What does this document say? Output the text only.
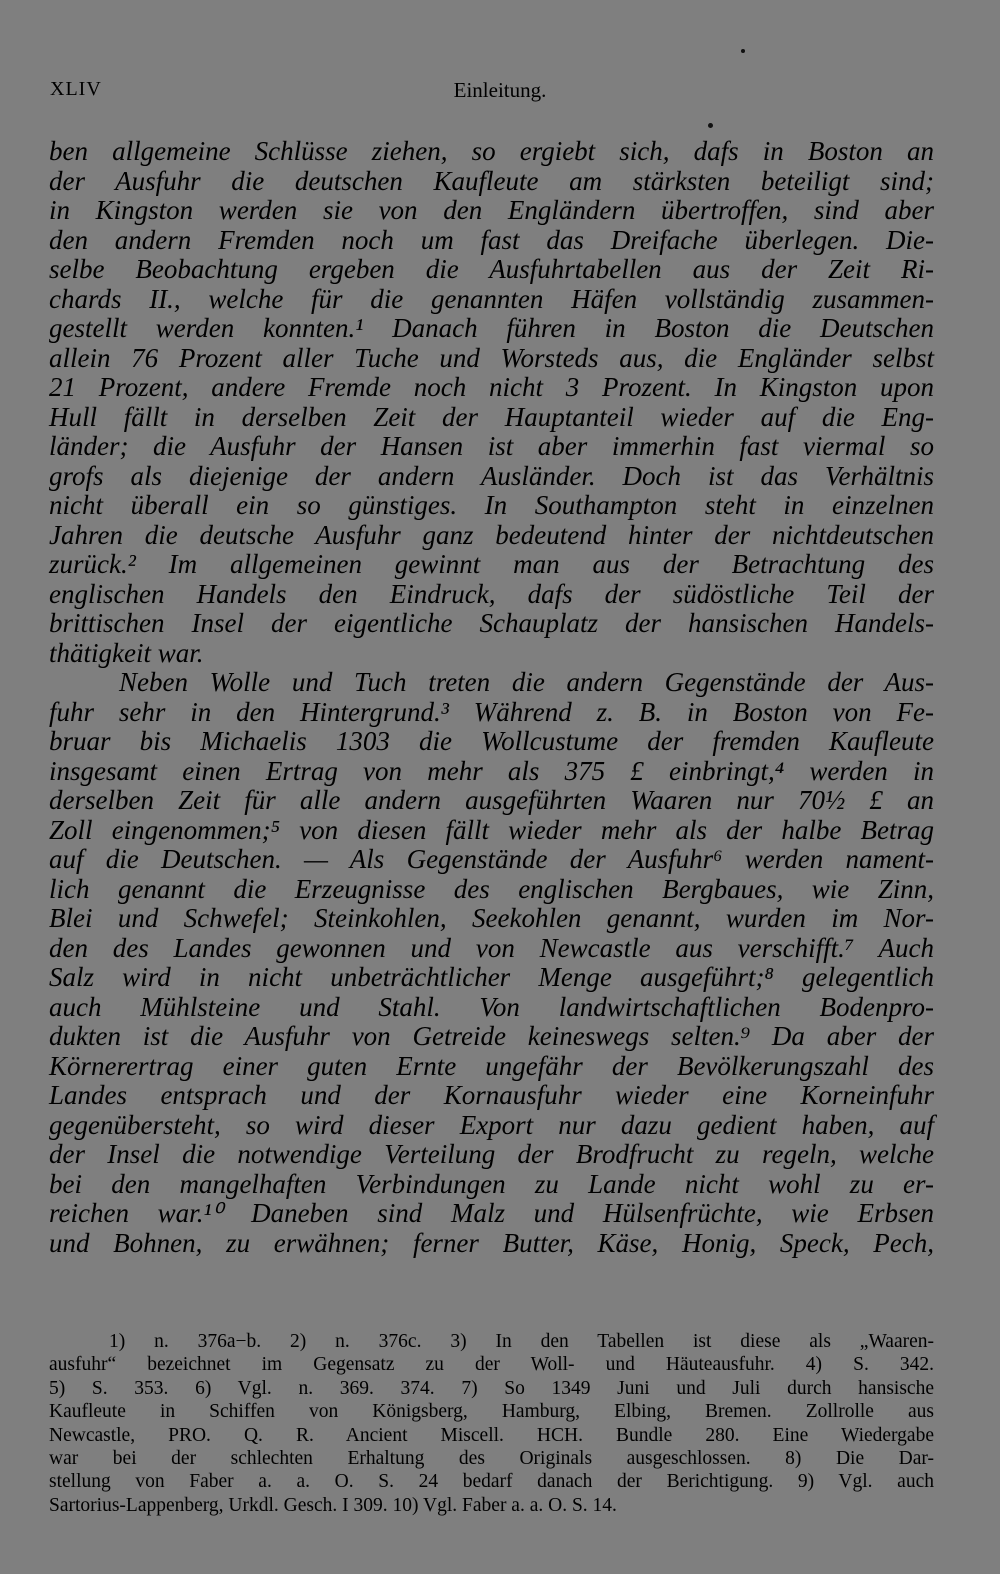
XLIV	Einleitung.
ben allgemeine Schlüsse ziehen, so ergiebt sich, dafs in Boston an
der Ausfuhr die deutschen Kaufleute am stärksten beteiligt sind;
in Kingston werden sie von den Engländern übertroffen, sind aber
den andern Fremden noch um fast das Dreifache überlegen. Die-
selbe Beobachtung ergeben die Ausfuhrtabellen aus der Zeit Ri-
chards II., welche für die genannten Häfen vollständig zusammen-
gestellt werden konnten.¹ Danach führen in Boston die Deutschen
allein 76 Prozent aller Tuche und Worsteds aus, die Engländer selbst
21 Prozent, andere Fremde noch nicht 3 Prozent. In Kingston upon
Hull fällt in derselben Zeit der Hauptanteil wieder auf die Eng-
länder; die Ausfuhr der Hansen ist aber immerhin fast viermal so
grofs als diejenige der andern Ausländer. Doch ist das Verhältnis
nicht überall ein so günstiges. In Southampton steht in einzelnen
Jahren die deutsche Ausfuhr ganz bedeutend hinter der nichtdeutschen
zurück.² Im allgemeinen gewinnt man aus der Betrachtung des
englischen Handels den Eindruck, dafs der südöstliche Teil der
brittischen Insel der eigentliche Schauplatz der hansischen Handels-
thätigkeit war.
Neben Wolle und Tuch treten die andern Gegenstände der Aus-
fuhr sehr in den Hintergrund.³ Während z. B. in Boston von Fe-
bruar bis Michaelis 1303 die Wollcustume der fremden Kaufleute
insgesamt einen Ertrag von mehr als 375 £ einbringt,⁴ werden in
derselben Zeit für alle andern ausgeführten Waaren nur 70½ £ an
Zoll eingenommen;⁵ von diesen fällt wieder mehr als der halbe Betrag
auf die Deutschen. — Als Gegenstände der Ausfuhr⁶ werden nament-
lich genannt die Erzeugnisse des englischen Bergbaues, wie Zinn,
Blei und Schwefel; Steinkohlen, Seekohlen genannt, wurden im Nor-
den des Landes gewonnen und von Newcastle aus verschifft.⁷ Auch
Salz wird in nicht unbeträchtlicher Menge ausgeführt;⁸ gelegentlich
auch Mühlsteine und Stahl. Von landwirtschaftlichen Bodenpro-
dukten ist die Ausfuhr von Getreide keineswegs selten.⁹ Da aber der
Körnerertrag einer guten Ernte ungefähr der Bevölkerungszahl des
Landes entsprach und der Kornausfuhr wieder eine Korneinfuhr
gegenübersteht, so wird dieser Export nur dazu gedient haben, auf
der Insel die notwendige Verteilung der Brodfrucht zu regeln, welche
bei den mangelhaften Verbindungen zu Lande nicht wohl zu er-
reichen war.¹⁰ Daneben sind Malz und Hülsenfrüchte, wie Erbsen
und Bohnen, zu erwähnen; ferner Butter, Käse, Honig, Speck, Pech,
1) n. 376a−b. 2) n. 376c. 3) In den Tabellen ist diese als „Waaren-
ausfuhr“ bezeichnet im Gegensatz zu der Woll- und Häuteausfuhr. 4) S. 342.
5) S. 353. 6) Vgl. n. 369. 374. 7) So 1349 Juni und Juli durch hansische
Kaufleute in Schiffen von Königsberg, Hamburg, Elbing, Bremen. Zollrolle aus
Newcastle, PRO. Q. R. Ancient Miscell. HCH. Bundle 280. Eine Wiedergabe
war bei der schlechten Erhaltung des Originals ausgeschlossen. 8) Die Dar-
stellung von Faber a. a. O. S. 24 bedarf danach der Berichtigung. 9) Vgl. auch
Sartorius-Lappenberg, Urkdl. Gesch. I 309. 10) Vgl. Faber a. a. O. S. 14.
